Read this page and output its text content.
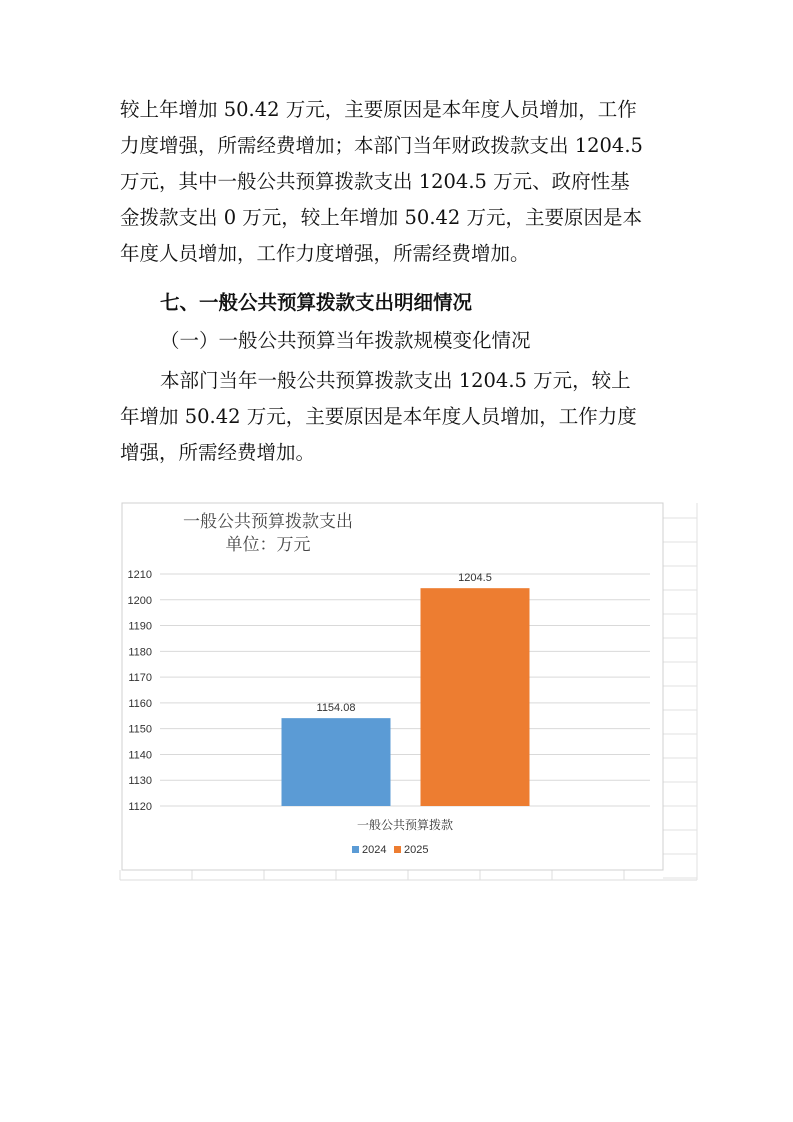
较上年增加 50.42 万元，主要原因是本年度人员增加，工作
力度增强，所需经费增加；本部门当年财政拨款支出 1204.5
万元，其中一般公共预算拨款支出 1204.5 万元、政府性基
金拨款支出 0 万元，较上年增加 50.42 万元，主要原因是本
年度人员增加，工作力度增强，所需经费增加。
七、一般公共预算拨款支出明细情况
（一）一般公共预算当年拨款规模变化情况
本部门当年一般公共预算拨款支出 1204.5 万元，较上
年增加 50.42 万元，主要原因是本年度人员增加，工作力度
增强，所需经费增加。
一般公共预算拨款支出
单位：万元
1120
1130
1140
1150
1160
1170
1180
1190
1200
1210
1154.08
1204.5
一般公共预算拨款
2024 2025
